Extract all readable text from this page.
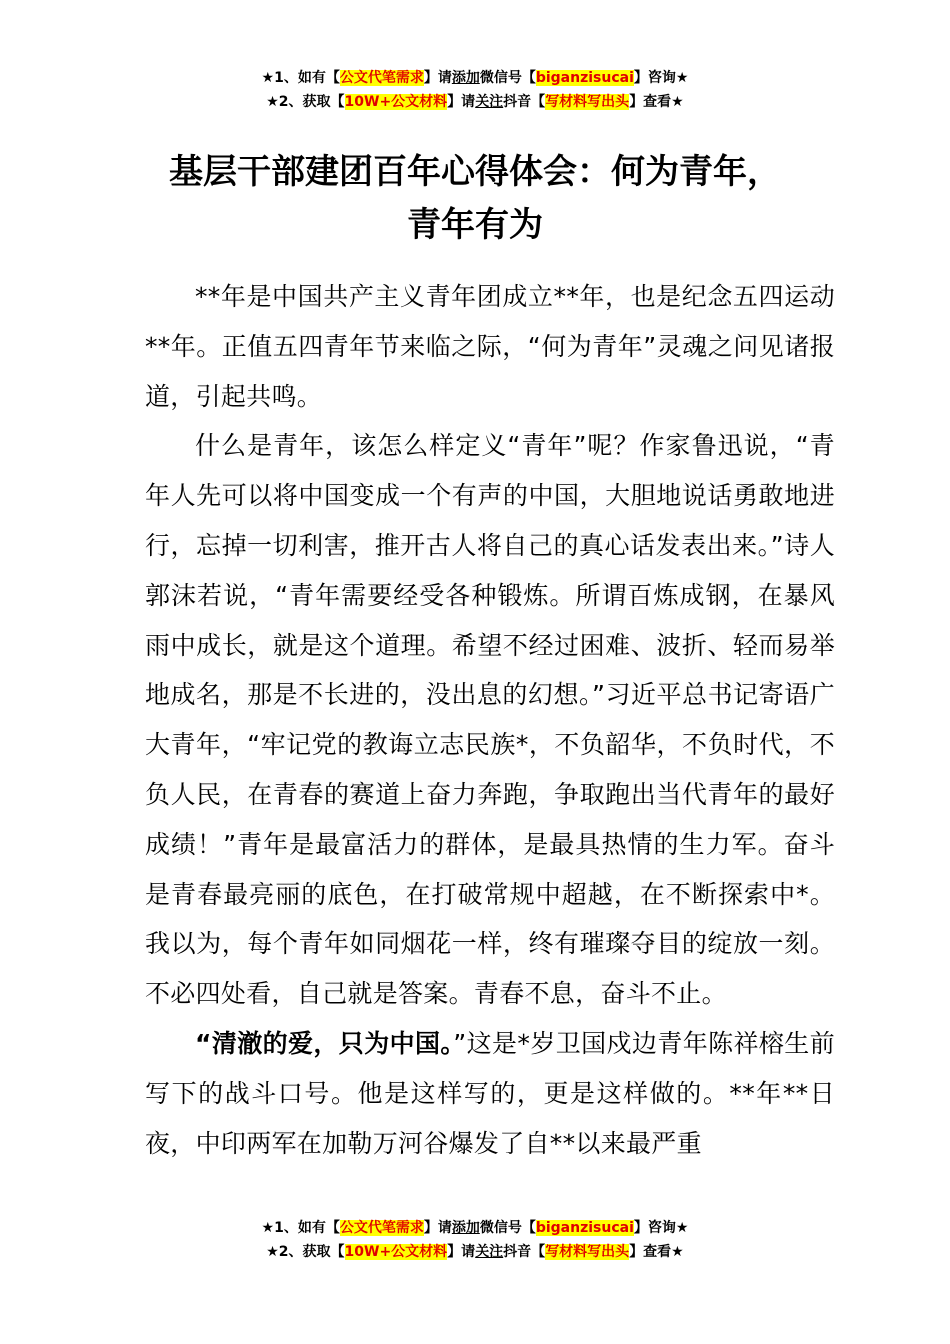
★1、如有【公文代笔需求】请添加微信号【biganzisucai】咨询★
★2、获取【10W+公文材料】请关注抖音【写材料写出头】查看★
基层干部建团百年心得体会：何为青年，
青年有为

**年是中国共产主义青年团成立**年，也是纪念五四运动**年。正值五四青年节来临之际，“何为青年”灵魂之问见诸报道，引起共鸣。

什么是青年，该怎么样定义“青年”呢？作家鲁迅说，“青年人先可以将中国变成一个有声的中国，大胆地说话勇敢地进行，忘掉一切利害，推开古人将自己的真心话发表出来。”诗人郭沫若说，“青年需要经受各种锻炼。所谓百炼成钢，在暴风雨中成长，就是这个道理。希望不经过困难、波折、轻而易举地成名，那是不长进的，没出息的幻想。”习近平总书记寄语广大青年，“牢记党的教诲立志民族*，不负韶华，不负时代，不负人民，在青春的赛道上奋力奔跑，争取跑出当代青年的最好成绩！”青年是最富活力的群体，是最具热情的生力军。奋斗是青春最亮丽的底色，在打破常规中超越，在不断探索中*。我以为，每个青年如同烟花一样，终有璀璨夺目的绽放一刻。不必四处看，自己就是答案。青春不息，奋斗不止。

“清澈的爱，只为中国。”这是*岁卫国戍边青年陈祥榕生前写下的战斗口号。他是这样写的，更是这样做的。**年**日夜，中印两军在加勒万河谷爆发了自**以来最严重

★1、如有【公文代笔需求】请添加微信号【biganzisucai】咨询★
★2、获取【10W+公文材料】请关注抖音【写材料写出头】查看★
